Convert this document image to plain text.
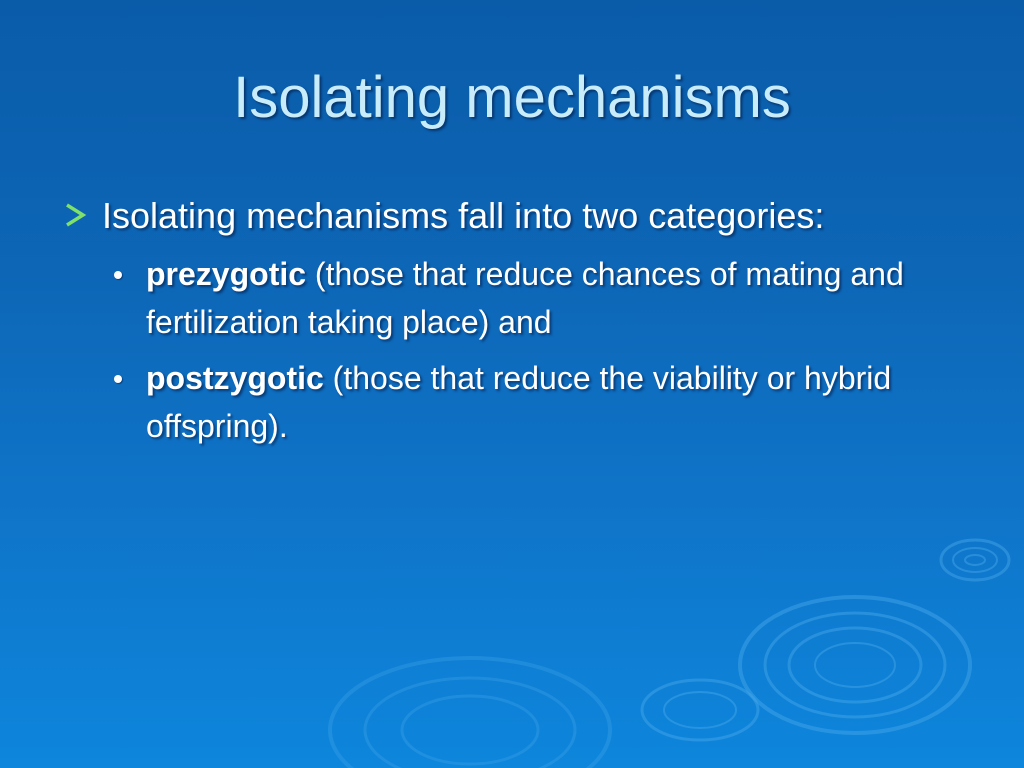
Isolating mechanisms
Isolating mechanisms fall into two categories:
prezygotic (those that reduce chances of mating and fertilization taking place) and
postzygotic (those that reduce the viability or hybrid offspring).
